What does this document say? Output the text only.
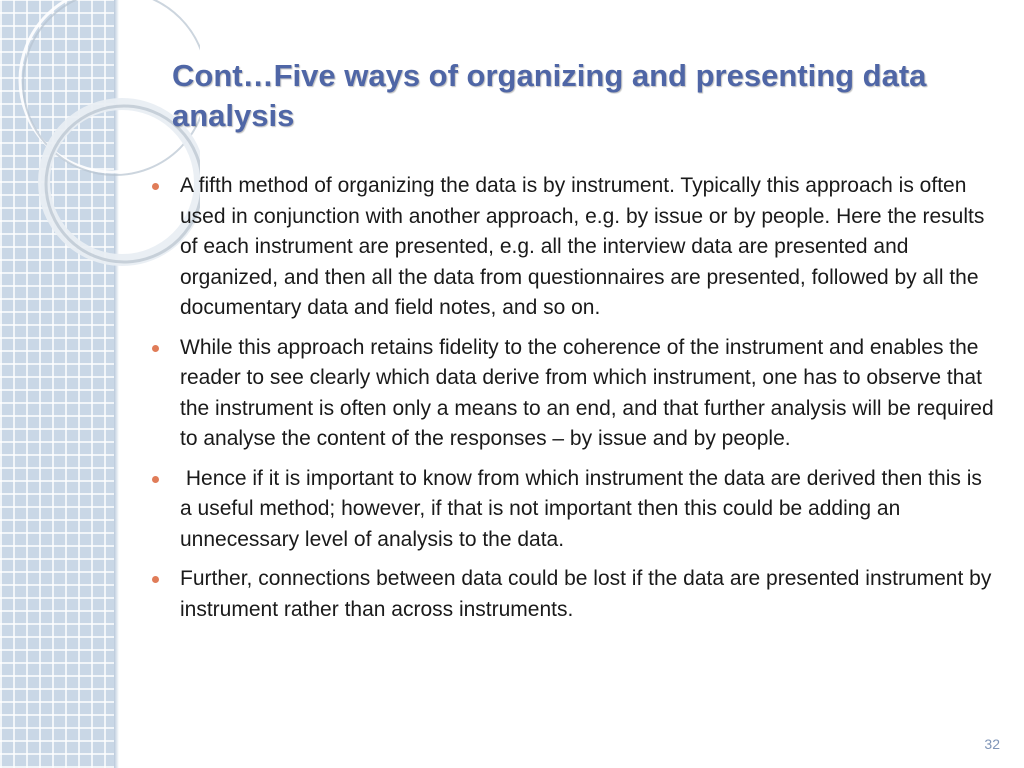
Cont…Five ways of organizing and presenting data analysis
A fifth method of organizing the data is by instrument. Typically this approach is often used in conjunction with another approach, e.g. by issue or by people. Here the results of each instrument are presented, e.g. all the interview data are presented and organized, and then all the data from questionnaires are presented, followed by all the documentary data and field notes, and so on.
While this approach retains fidelity to the coherence of the instrument and enables the reader to see clearly which data derive from which instrument, one has to observe that the instrument is often only a means to an end, and that further analysis will be required to analyse the content of the responses – by issue and by people.
Hence if it is important to know from which instrument the data are derived then this is a useful method; however, if that is not important then this could be adding an unnecessary level of analysis to the data.
Further, connections between data could be lost if the data are presented instrument by instrument rather than across instruments.
32
